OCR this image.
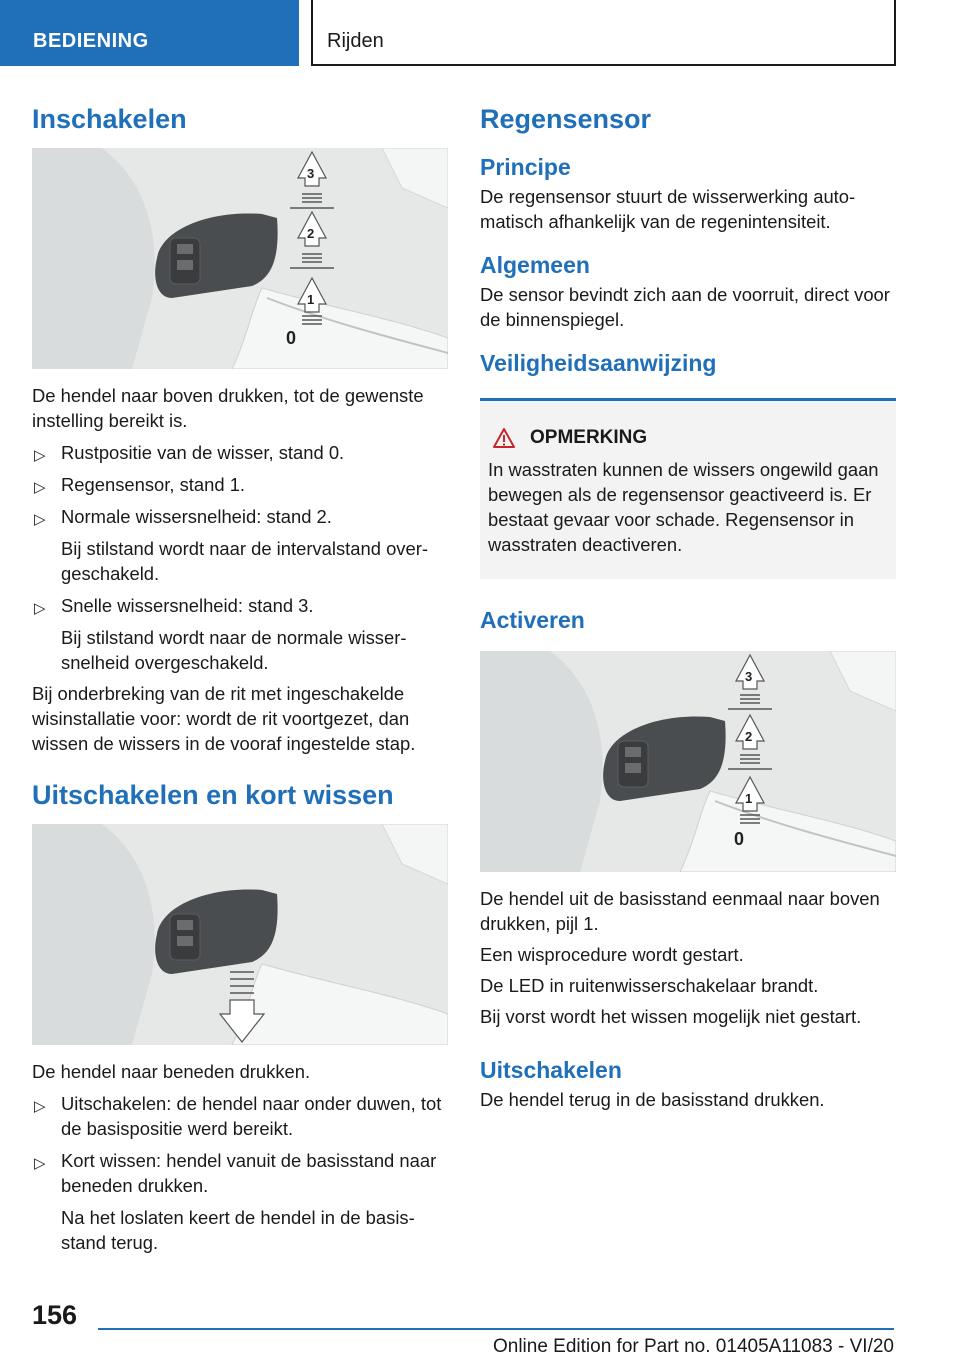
BEDIENING	Rijden
Inschakelen
3
2
1
0
De hendel naar boven drukken, tot de gewenste instelling bereikt is.
▷ Rustpositie van de wisser, stand 0.
▷ Regensensor, stand 1.
▷ Normale wissersnelheid: stand 2.
Bij stilstand wordt naar de intervalstand overgeschakeld.
▷ Snelle wissersnelheid: stand 3.
Bij stilstand wordt naar de normale wissersnelheid overgeschakeld.
Bij onderbreking van de rit met ingeschakelde wisinstallatie voor: wordt de rit voortgezet, dan wissen de wissers in de vooraf ingestelde stap.
Uitschakelen en kort wissen
De hendel naar beneden drukken.
▷ Uitschakelen: de hendel naar onder duwen, tot de basispositie werd bereikt.
▷ Kort wissen: hendel vanuit de basisstand naar beneden drukken.
Na het loslaten keert de hendel in de basisstand terug.
Regensensor
Principe
De regensensor stuurt de wisserwerking automatisch afhankelijk van de regenintensiteit.
Algemeen
De sensor bevindt zich aan de voorruit, direct voor de binnenspiegel.
Veiligheidsaanwijzing
OPMERKING
In wasstraten kunnen de wissers ongewild gaan bewegen als de regensensor geactiveerd is. Er bestaat gevaar voor schade. Regensensor in wasstraten deactiveren.
Activeren
3
2
1
0
De hendel uit de basisstand eenmaal naar boven drukken, pijl 1.
Een wisprocedure wordt gestart.
De LED in ruitenwisserschakelaar brandt.
Bij vorst wordt het wissen mogelijk niet gestart.
Uitschakelen
De hendel terug in de basisstand drukken.
156
Online Edition for Part no. 01405A11083 - VI/20
